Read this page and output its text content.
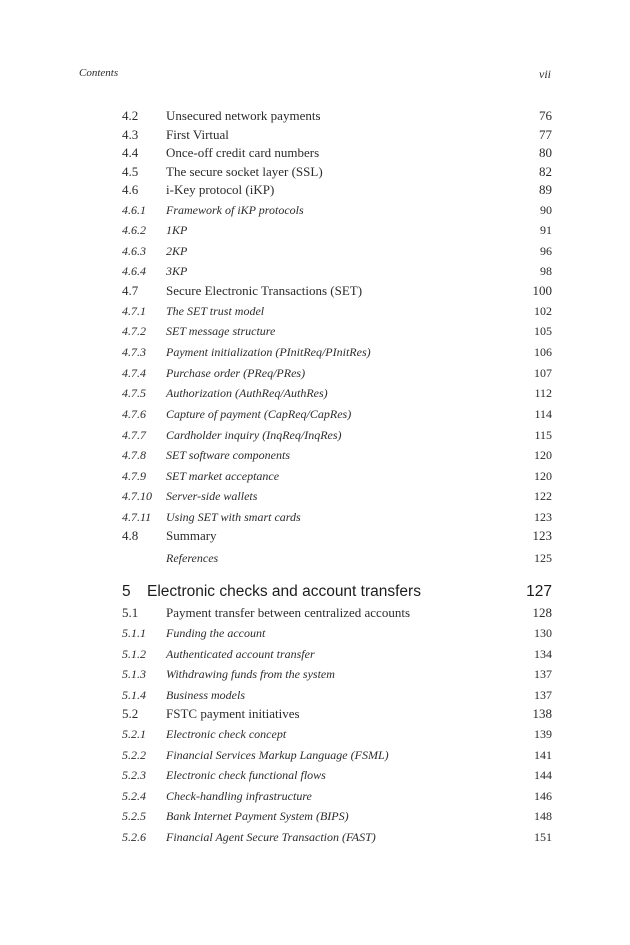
Contents	vii
4.2 Unsecured network payments	76
4.3 First Virtual	77
4.4 Once-off credit card numbers	80
4.5 The secure socket layer (SSL)	82
4.6 i-Key protocol (iKP)	89
4.6.1 Framework of iKP protocols	90
4.6.2 1KP	91
4.6.3 2KP	96
4.6.4 3KP	98
4.7 Secure Electronic Transactions (SET)	100
4.7.1 The SET trust model	102
4.7.2 SET message structure	105
4.7.3 Payment initialization (PInitReq/PInitRes)	106
4.7.4 Purchase order (PReq/PRes)	107
4.7.5 Authorization (AuthReq/AuthRes)	112
4.7.6 Capture of payment (CapReq/CapRes)	114
4.7.7 Cardholder inquiry (InqReq/InqRes)	115
4.7.8 SET software components	120
4.7.9 SET market acceptance	120
4.7.10 Server-side wallets	122
4.7.11 Using SET with smart cards	123
4.8 Summary	123
References	125
5 Electronic checks and account transfers	127
5.1 Payment transfer between centralized accounts	128
5.1.1 Funding the account	130
5.1.2 Authenticated account transfer	134
5.1.3 Withdrawing funds from the system	137
5.1.4 Business models	137
5.2 FSTC payment initiatives	138
5.2.1 Electronic check concept	139
5.2.2 Financial Services Markup Language (FSML)	141
5.2.3 Electronic check functional flows	144
5.2.4 Check-handling infrastructure	146
5.2.5 Bank Internet Payment System (BIPS)	148
5.2.6 Financial Agent Secure Transaction (FAST)	151
